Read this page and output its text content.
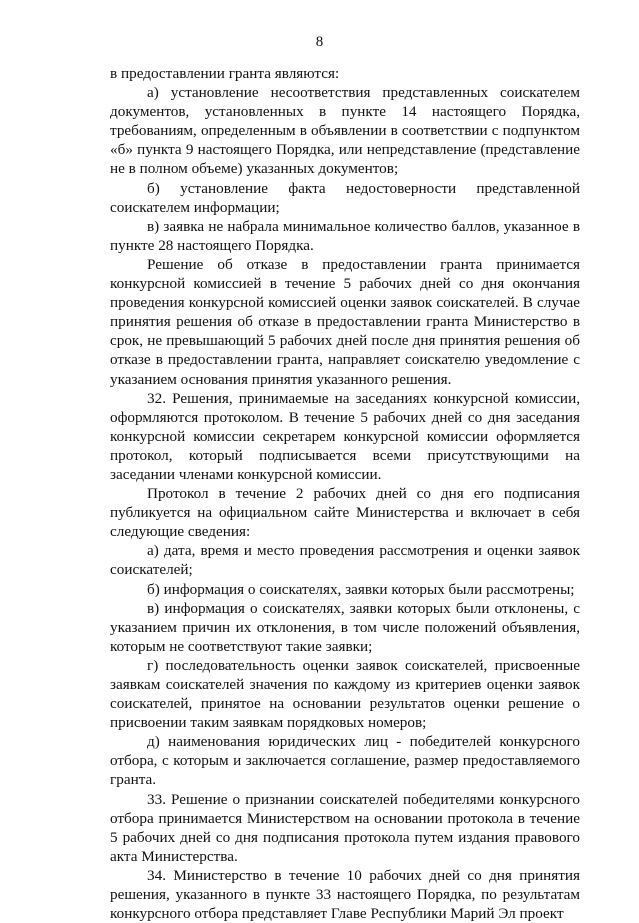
8

в предоставлении гранта являются:

а) установление несоответствия представленных соискателем документов, установленных в пункте 14 настоящего Порядка, требованиям, определенным в объявлении в соответствии с подпунктом «б» пункта 9 настоящего Порядка, или непредставление (представление не в полном объеме) указанных документов;

б) установление факта недостоверности представленной соискателем информации;

в) заявка не набрала минимальное количество баллов, указанное в пункте 28 настоящего Порядка.

Решение об отказе в предоставлении гранта принимается конкурсной комиссией в течение 5 рабочих дней со дня окончания проведения конкурсной комиссией оценки заявок соискателей. В случае принятия решения об отказе в предоставлении гранта Министерство в срок, не превышающий 5 рабочих дней после дня принятия решения об отказе в предоставлении гранта, направляет соискателю уведомление с указанием основания принятия указанного решения.

32. Решения, принимаемые на заседаниях конкурсной комиссии, оформляются протоколом. В течение 5 рабочих дней со дня заседания конкурсной комиссии секретарем конкурсной комиссии оформляется протокол, который подписывается всеми присутствующими на заседании членами конкурсной комиссии.

Протокол в течение 2 рабочих дней со дня его подписания публикуется на официальном сайте Министерства и включает в себя следующие сведения:

а) дата, время и место проведения рассмотрения и оценки заявок соискателей;

б) информация о соискателях, заявки которых были рассмотрены;

в) информация о соискателях, заявки которых были отклонены, с указанием причин их отклонения, в том числе положений объявления, которым не соответствуют такие заявки;

г) последовательность оценки заявок соискателей, присвоенные заявкам соискателей значения по каждому из критериев оценки заявок соискателей, принятое на основании результатов оценки решение о присвоении таким заявкам порядковых номеров;

д) наименования юридических лиц - победителей конкурсного отбора, с которым и заключается соглашение, размер предоставляемого гранта.

33. Решение о признании соискателей победителями конкурсного отбора принимается Министерством на основании протокола в течение 5 рабочих дней со дня подписания протокола путем издания правового акта Министерства.

34. Министерство в течение 10 рабочих дней со дня принятия решения, указанного в пункте 33 настоящего Порядка, по результатам конкурсного отбора представляет Главе Республики Марий Эл проект
